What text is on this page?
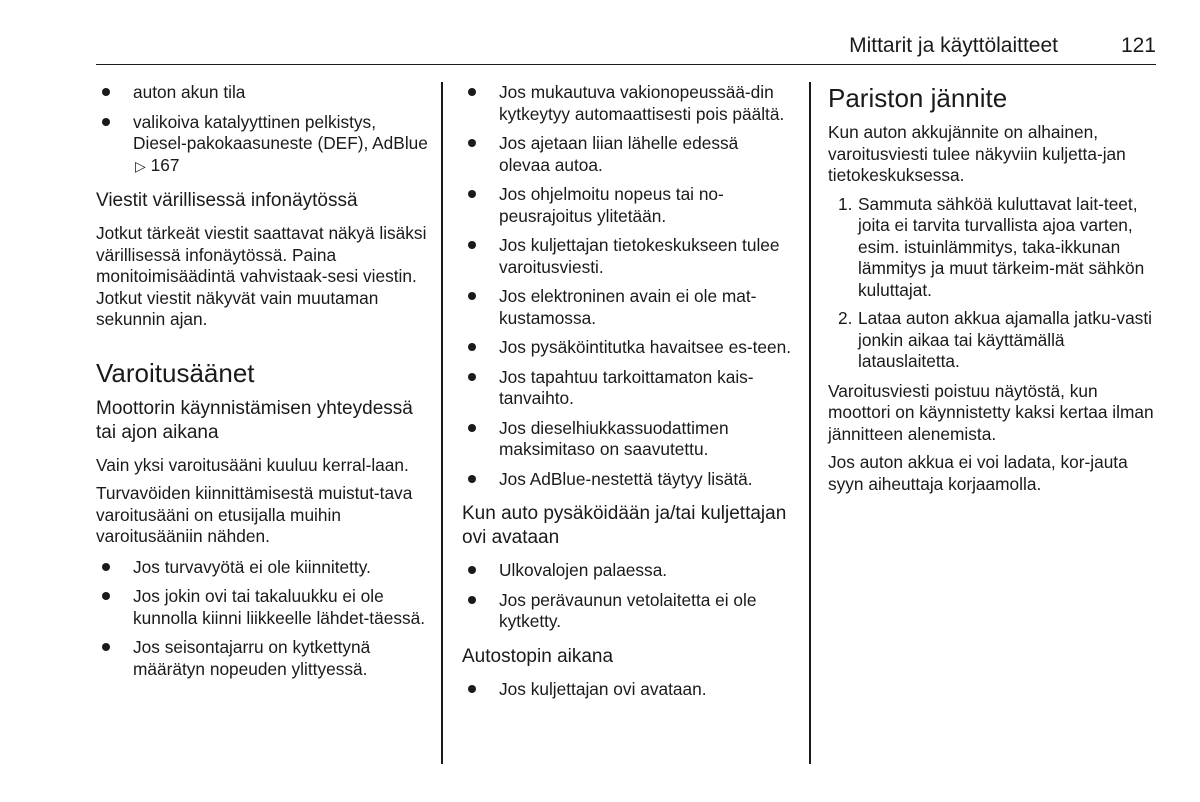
Mittarit ja käyttölaitteet	121
auton akun tila
valikoiva katalyyttinen pelkistys, Diesel-pakokaasuneste (DEF), AdBlue ▷ 167
Viestit värillisessä infonäytössä

Jotkut tärkeät viestit saattavat näkyä lisäksi värillisessä infonäytössä. Paina monitoimisäädintä vahvistaak-sesi viestin. Jotkut viestit näkyvät vain muutaman sekunnin ajan.

Varoitusäänet
Moottorin käynnistämisen yhteydessä tai ajon aikana

Vain yksi varoitusääni kuuluu kerral-laan.

Turvavöiden kiinnittämisestä muistut-tava varoitusääni on etusijalla muihin varoitusääniin nähden.

Jos turvavyötä ei ole kiinnitetty.
Jos jokin ovi tai takaluukku ei ole kunnolla kiinni liikkeelle lähdet-täessä.
Jos seisontajarru on kytkettynä määrätyn nopeuden ylittyessä.
Jos mukautuva vakionopeussää-din kytkeytyy automaattisesti pois päältä.
Jos ajetaan liian lähelle edessä olevaa autoa.
Jos ohjelmoitu nopeus tai no-peusrajoitus ylitetään.
Jos kuljettajan tietokeskukseen tulee varoitusviesti.
Jos elektroninen avain ei ole mat-kustamossa.
Jos pysäköintitutka havaitsee es-teen.
Jos tapahtuu tarkoittamaton kais-tanvaihto.
Jos dieselhiukkassuodattimen maksimitaso on saavutettu.
Jos AdBlue-nestettä täytyy lisätä.
Kun auto pysäköidään ja/tai kuljettajan ovi avataan
Ulkovalojen palaessa.
Jos perävaunun vetolaitetta ei ole kytketty.
Autostopin aikana
Jos kuljettajan ovi avataan.
Pariston jännite

Kun auton akkujännite on alhainen, varoitusviesti tulee näkyviin kuljetta-jan tietokeskuksessa.

1. Sammuta sähköä kuluttavat lait-teet, joita ei tarvita turvallista ajoa varten, esim. istuinlämmitys, taka-ikkunan lämmitys ja muut tärkeim-mät sähkön kuluttajat.
2. Lataa auton akkua ajamalla jatku-vasti jonkin aikaa tai käyttämällä latauslaitetta.

Varoitusviesti poistuu näytöstä, kun moottori on käynnistetty kaksi kertaa ilman jännitteen alenemista.

Jos auton akkua ei voi ladata, kor-jauta syyn aiheuttaja korjaamolla.
